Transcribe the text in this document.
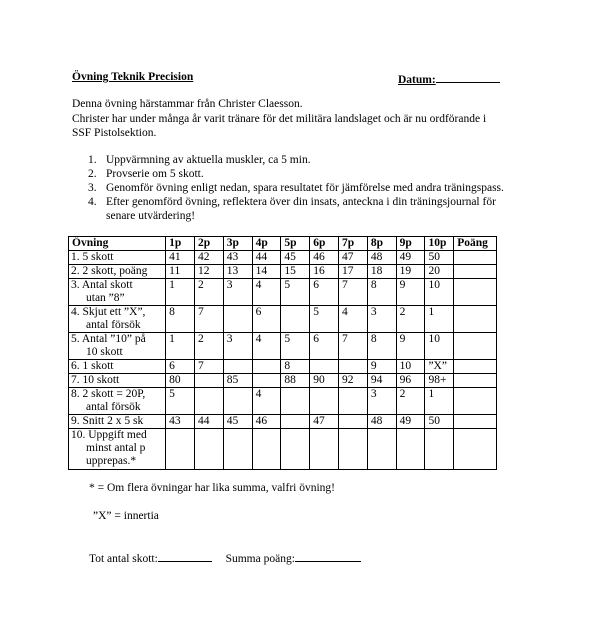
Övning Teknik Precision	Datum:
Denna övning härstammar från Christer Claesson.
Christer har under många år varit tränare för det militära landslaget och är nu ordförande i
SSF Pistolsektion.
1. Uppvärmning av aktuella muskler, ca 5 min.
2. Provserie om 5 skott.
3. Genomför övning enligt nedan, spara resultatet för jämförelse med andra träningspass.
4. Efter genomförd övning, reflektera över din insats, anteckna i din träningsjournal för
senare utvärdering!
Övning	1p	2p	3p	4p	5p	6p	7p	8p	9p	10p	Poäng
1. 5 skott	41	42	43	44	45	46	47	48	49	50	
2. 2 skott, poäng	11	12	13	14	15	16	17	18	19	20	
3. Antal skott
utan ”8”	1	2	3	4	5	6	7	8	9	10	
4. Skjut ett ”X”,
antal försök	8	7		6		5	4	3	2	1	
5. Antal ”10” på
10 skott	1	2	3	4	5	6	7	8	9	10	
6. 1 skott	6	7			8			9	10	”X”	
7. 10 skott	80		85		88	90	92	94	96	98+	
8. 2 skott = 20P,
antal försök	5			4				3	2	1	
9. Snitt 2 x 5 sk	43	44	45	46		47		48	49	50	
10. Uppgift med
minst antal p
upprepas.*											

* = Om flera övningar har lika summa, valfri övning!
”X” = innertia
Tot antal skott:	Summa poäng:
